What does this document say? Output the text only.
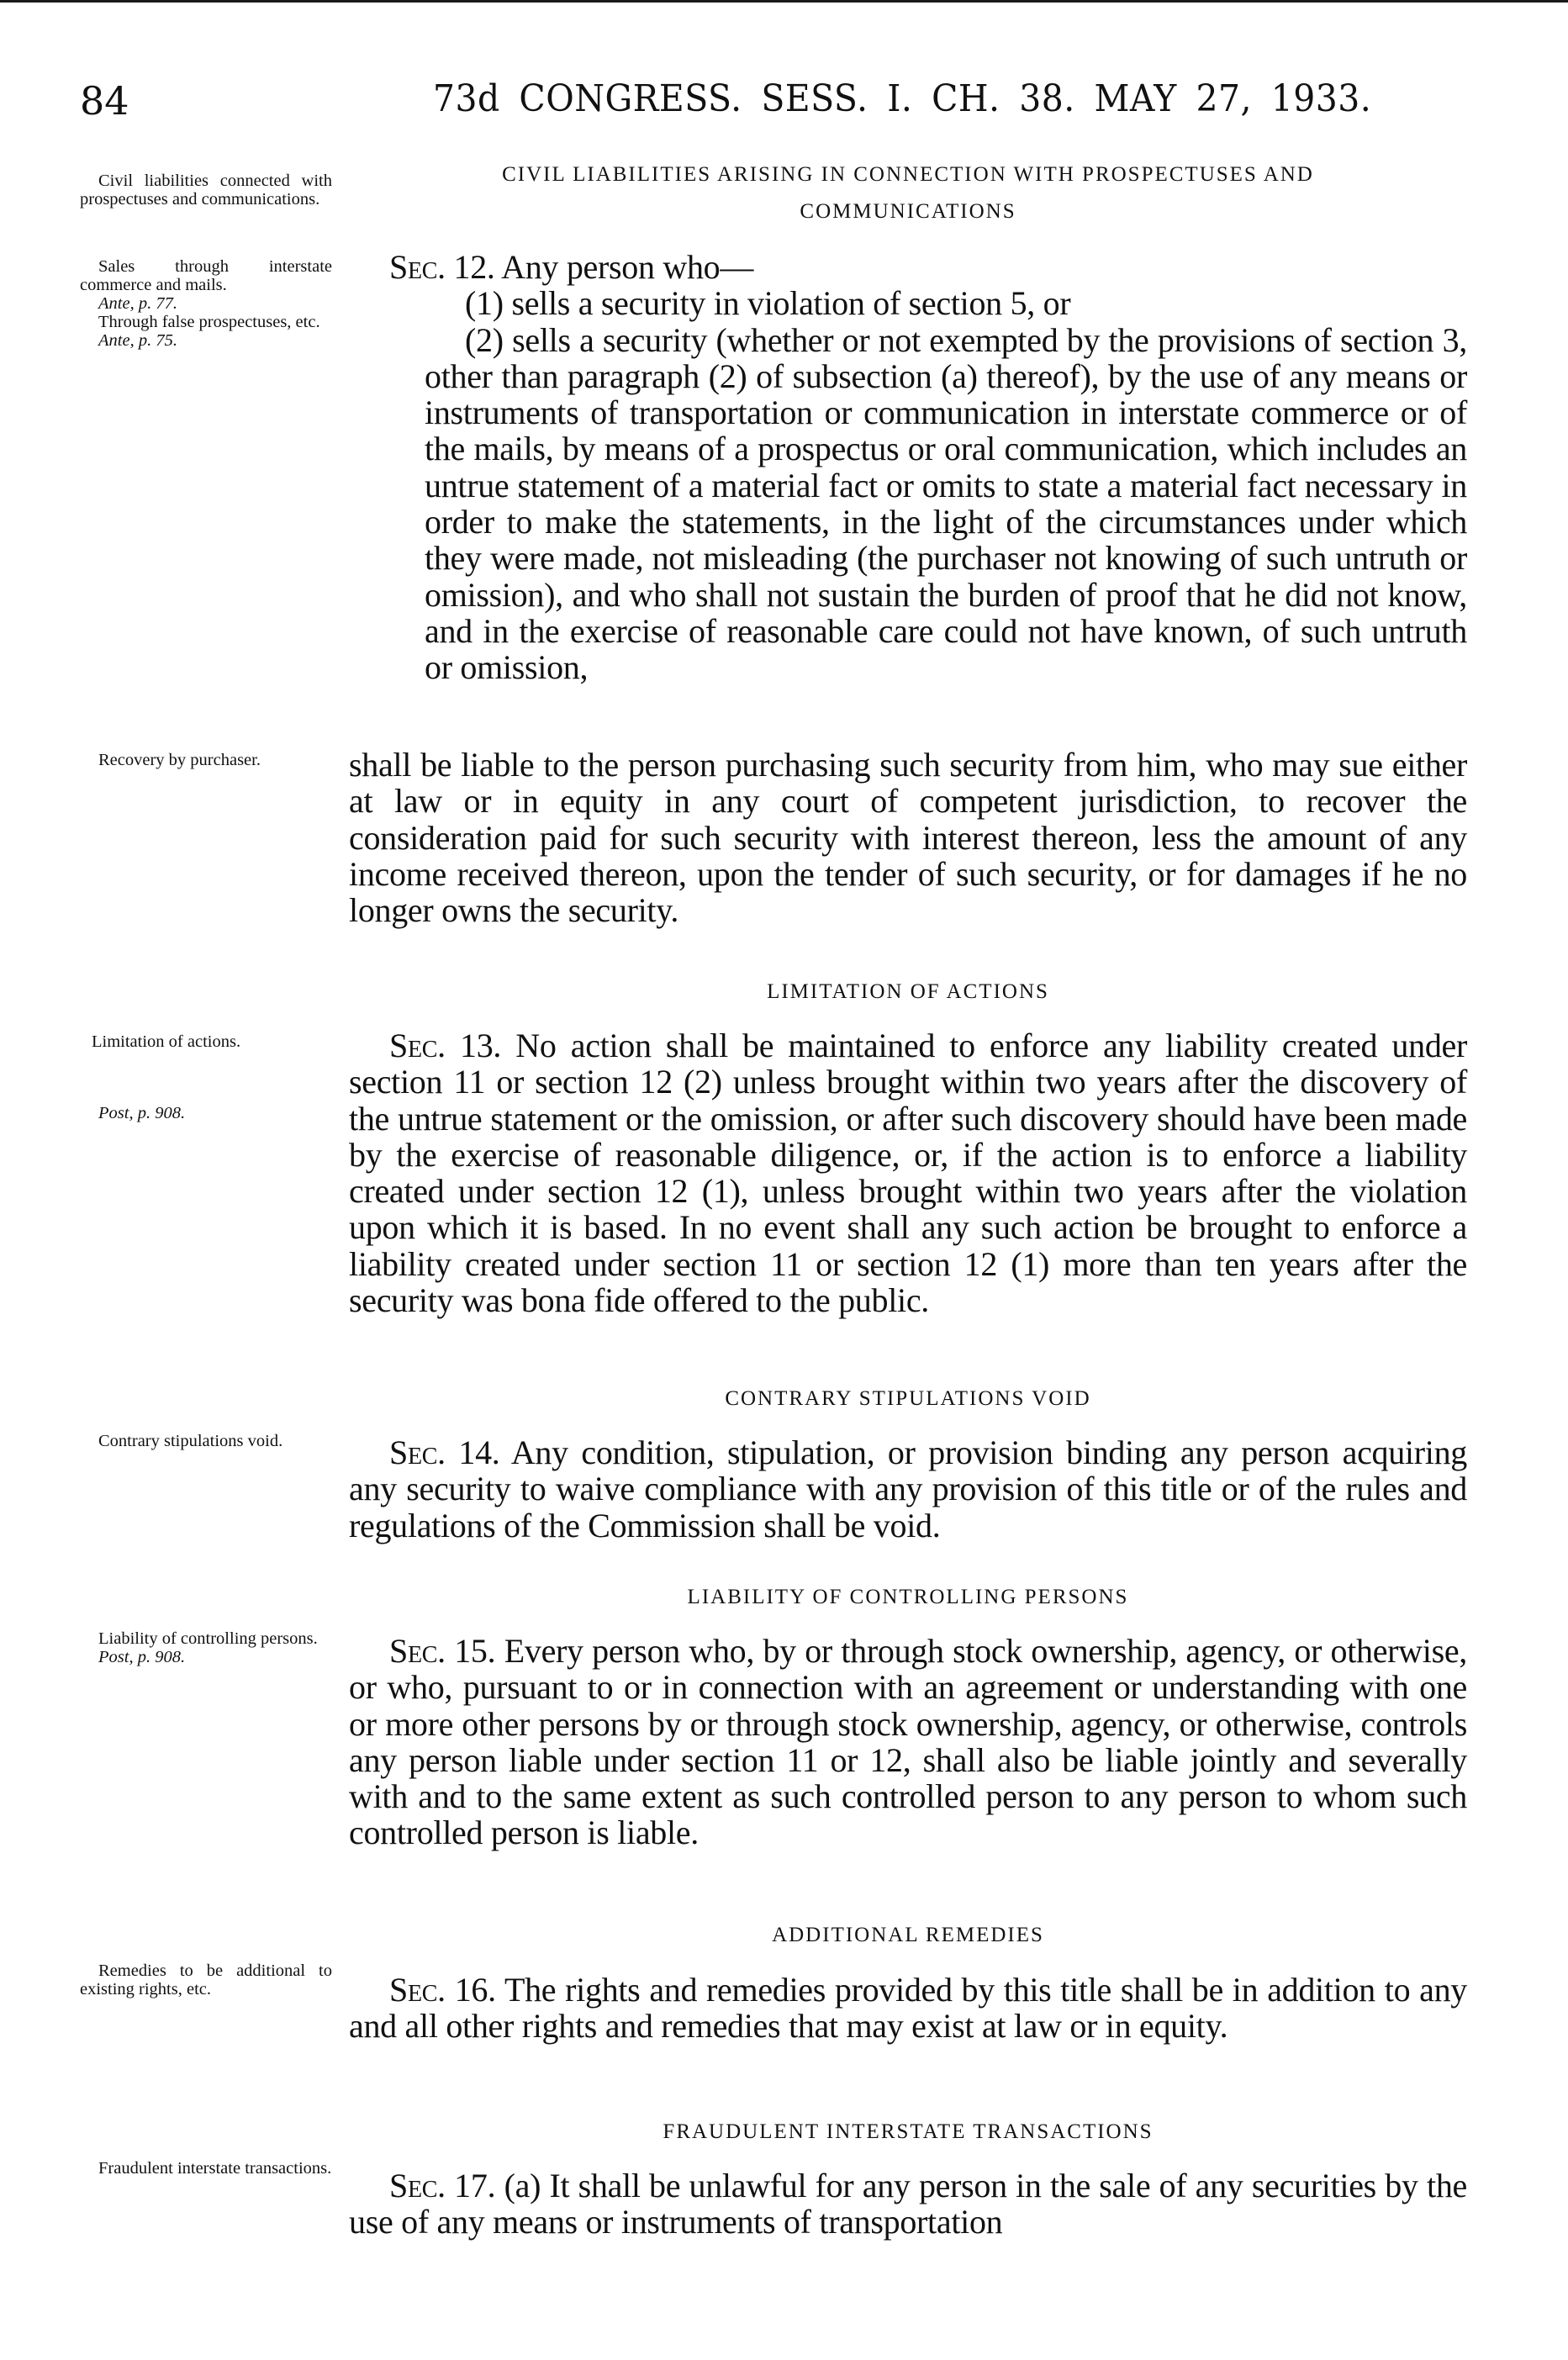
84	73d CONGRESS. SESS. I. CH. 38. MAY 27, 1933.
Civil liabilities connected with prospectuses and communications.
Sales through interstate commerce and mails.
Ante, p. 77.
Through false prospectuses, etc.
Ante, p. 75.
CIVIL LIABILITIES ARISING IN CONNECTION WITH PROSPECTUSES AND
COMMUNICATIONS

Sec. 12. Any person who—

(1) sells a security in violation of section 5, or

(2) sells a security (whether or not exempted by the provisions of section 3, other than paragraph (2) of subsection (a) thereof), by the use of any means or instruments of transportation or communication in interstate commerce or of the mails, by means of a prospectus or oral communication, which includes an untrue statement of a material fact or omits to state a material fact necessary in order to make the statements, in the light of the circumstances under which they were made, not misleading (the purchaser not knowing of such untruth or omission), and who shall not sustain the burden of proof that he did not know, and in the exercise of reasonable care could not have known, of such untruth or omission,

Recovery by purchaser.	shall be liable to the person purchasing such security from him, who may sue either at law or in equity in any court of competent jurisdiction, to recover the consideration paid for such security with interest thereon, less the amount of any income received thereon, upon the tender of such security, or for damages if he no longer owns the security.
LIMITATION OF ACTIONS
Limitation of actions.
Post, p. 908.

Sec. 13. No action shall be maintained to enforce any liability created under section 11 or section 12 (2) unless brought within two years after the discovery of the untrue statement or the omission, or after such discovery should have been made by the exercise of reasonable diligence, or, if the action is to enforce a liability created under section 12 (1), unless brought within two years after the violation upon which it is based. In no event shall any such action be brought to enforce a liability created under section 11 or section 12 (1) more than ten years after the security was bona fide offered to the public.

CONTRARY STIPULATIONS VOID
Contrary stipulations void.	Sec. 14. Any condition, stipulation, or provision binding any person acquiring any security to waive compliance with any provision of this title or of the rules and regulations of the Commission shall be void.

LIABILITY OF CONTROLLING PERSONS
Liability of controlling persons.
Post, p. 908.	Sec. 15. Every person who, by or through stock ownership, agency, or otherwise, or who, pursuant to or in connection with an agreement or understanding with one or more other persons by or through stock ownership, agency, or otherwise, controls any person liable under section 11 or 12, shall also be liable jointly and severally with and to the same extent as such controlled person to any person to whom such controlled person is liable.

ADDITIONAL REMEDIES
Remedies to be additional to existing rights, etc.	Sec. 16. The rights and remedies provided by this title shall be in addition to any and all other rights and remedies that may exist at law or in equity.

FRAUDULENT INTERSTATE TRANSACTIONS
Fraudulent interstate transactions.	Sec. 17. (a) It shall be unlawful for any person in the sale of any securities by the use of any means or instruments of transportation
